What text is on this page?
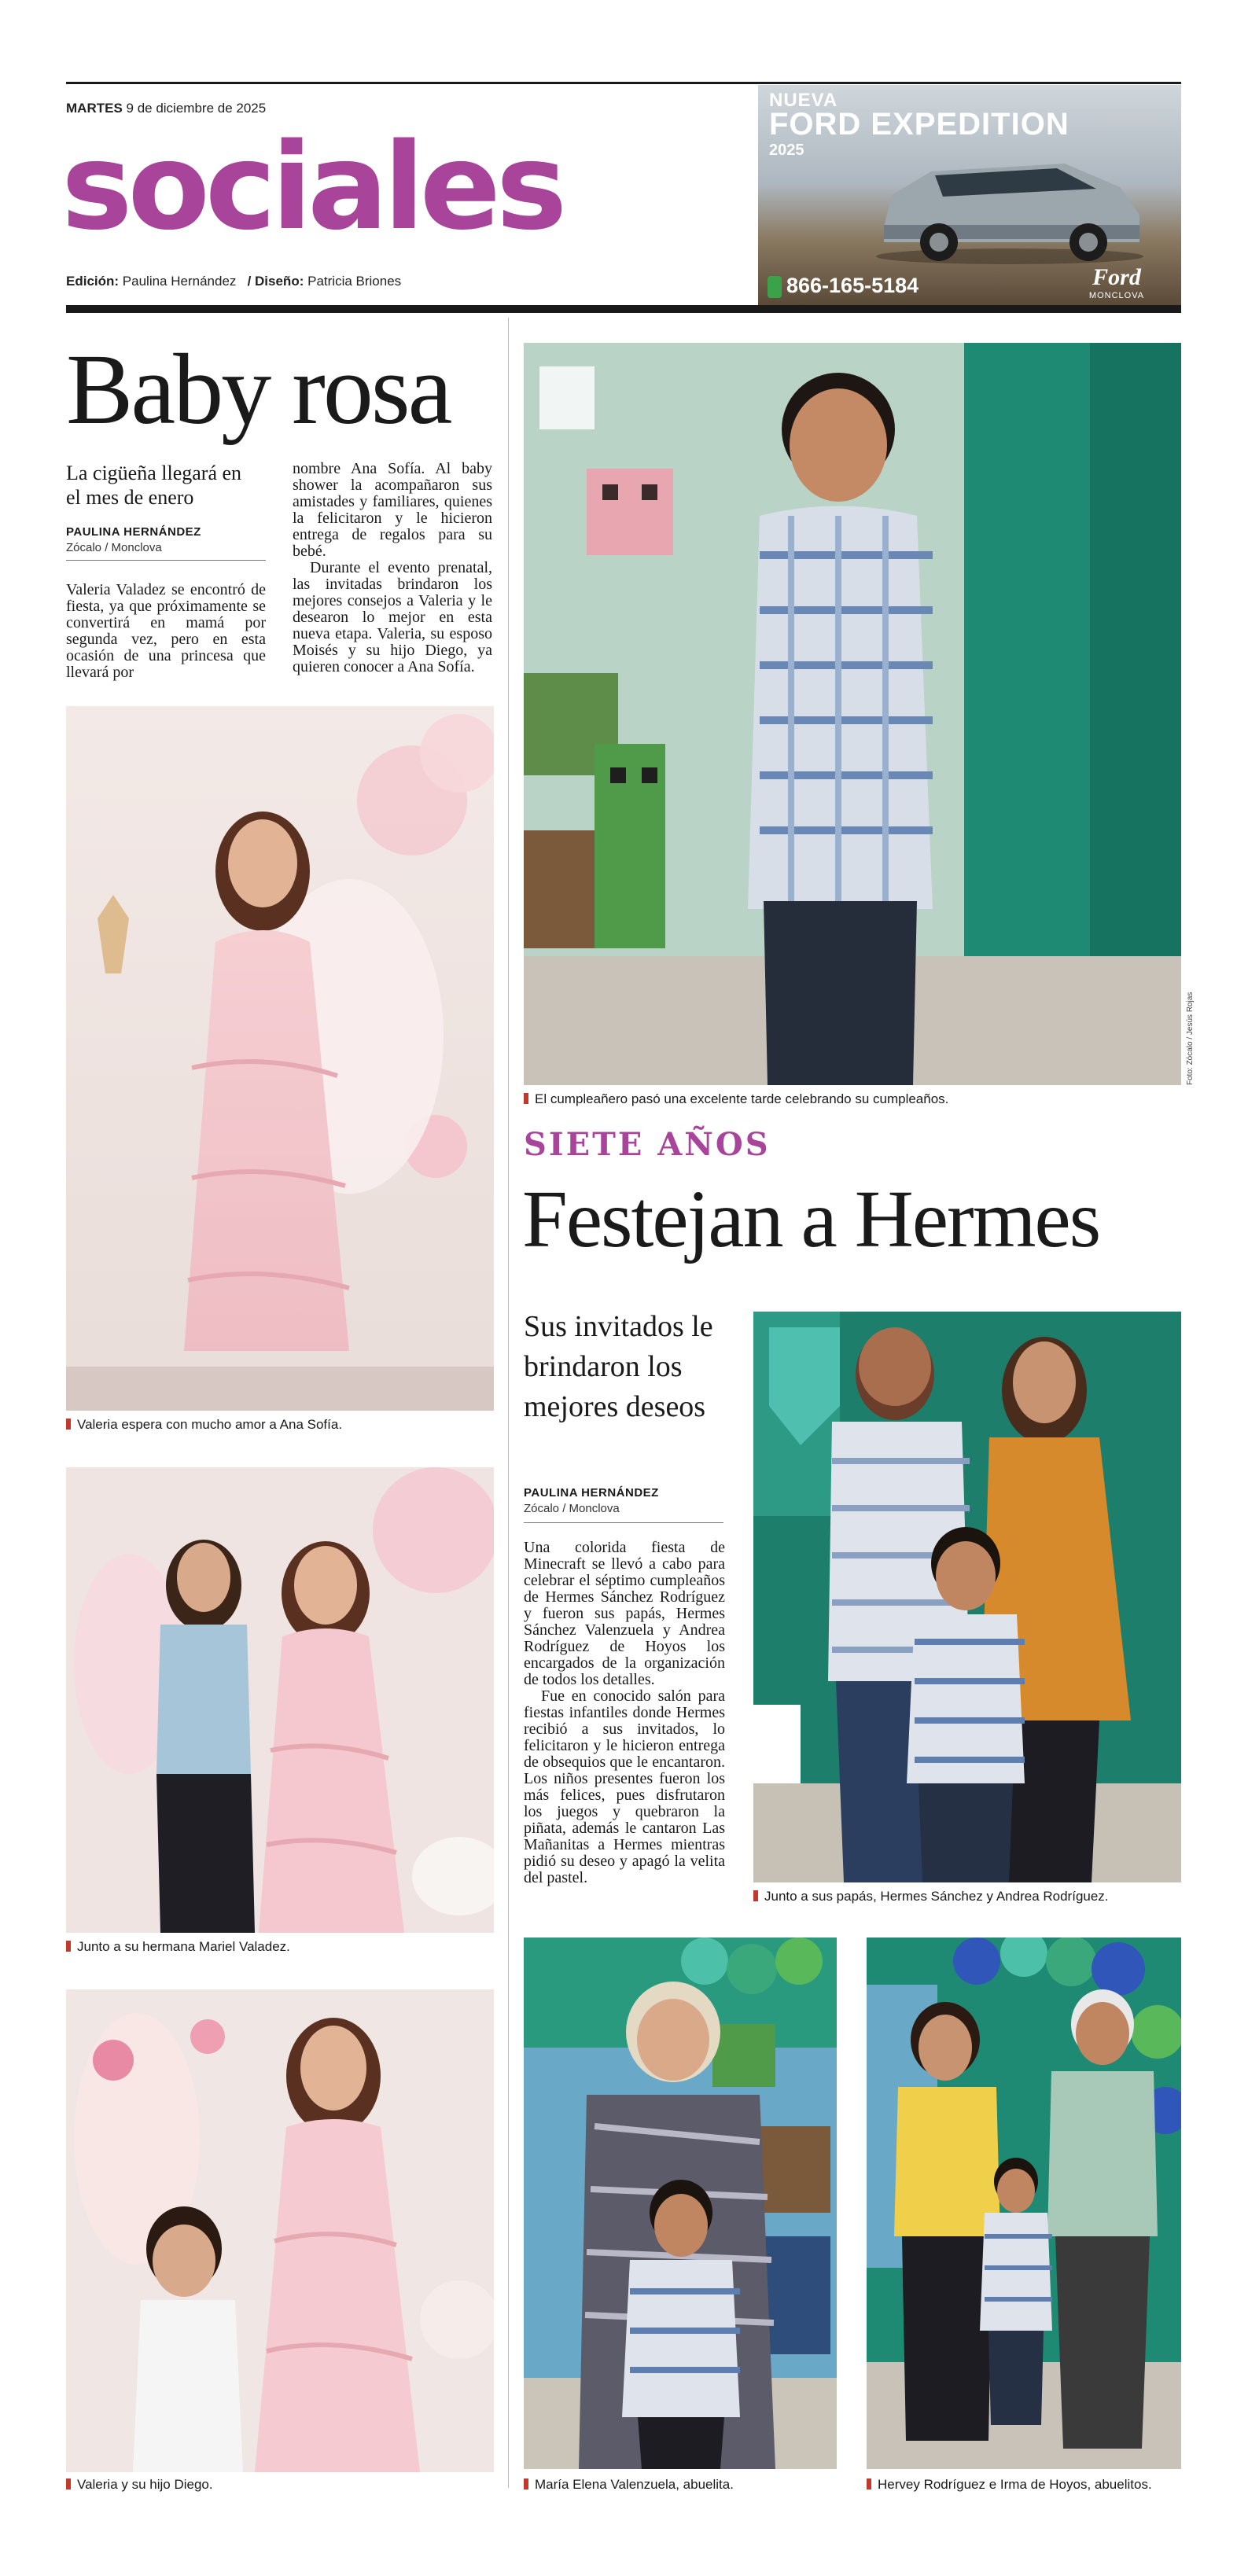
MARTES 9 de diciembre de 2025
sociales
Edición: Paulina Hernández / Diseño: Patricia Briones
NUEVA
FORD EXPEDITION
2025
866-165-5184	Ford
MONCLOVA
Baby rosa
La cigüeña llegará en el mes de enero
PAULINA HERNÁNDEZ
Zócalo / Monclova

Valeria Valadez se encontró de fiesta, ya que próximamente se convertirá en mamá por segunda vez, pero en esta ocasión de una princesa que llevará por

nombre Ana Sofía. Al baby shower la acompañaron sus amistades y familiares, quienes la felicitaron y le hicieron entrega de regalos para su bebé.

Durante el evento prenatal, las invitadas brindaron los mejores consejos a Valeria y le desearon lo mejor en esta nueva etapa. Valeria, su esposo Moisés y su hijo Diego, ya quieren conocer a Ana Sofía.

Valeria espera con mucho amor a Ana Sofía.
Junto a su hermana Mariel Valadez.
Valeria y su hijo Diego.
El cumpleañero pasó una excelente tarde celebrando su cumpleaños.
Foto: Zócalo / Jesús Rojas
SIETE AÑOS
Festejan a Hermes
Sus invitados le brindaron los mejores deseos
PAULINA HERNÁNDEZ
Zócalo / Monclova

Una colorida fiesta de Minecraft se llevó a cabo para celebrar el séptimo cumpleaños de Hermes Sánchez Rodríguez y fueron sus papás, Hermes Sánchez Valenzuela y Andrea Rodríguez de Hoyos los encargados de la organización de todos los detalles.

Fue en conocido salón para fiestas infantiles donde Hermes recibió a sus invitados, lo felicitaron y le hicieron entrega de obsequios que le encantaron. Los niños presentes fueron los más felices, pues disfrutaron los juegos y quebraron la piñata, además le cantaron Las Mañanitas a Hermes mientras pidió su deseo y apagó la velita del pastel.

Junto a sus papás, Hermes Sánchez y Andrea Rodríguez.
María Elena Valenzuela, abuelita.	Hervey Rodríguez e Irma de Hoyos, abuelitos.
